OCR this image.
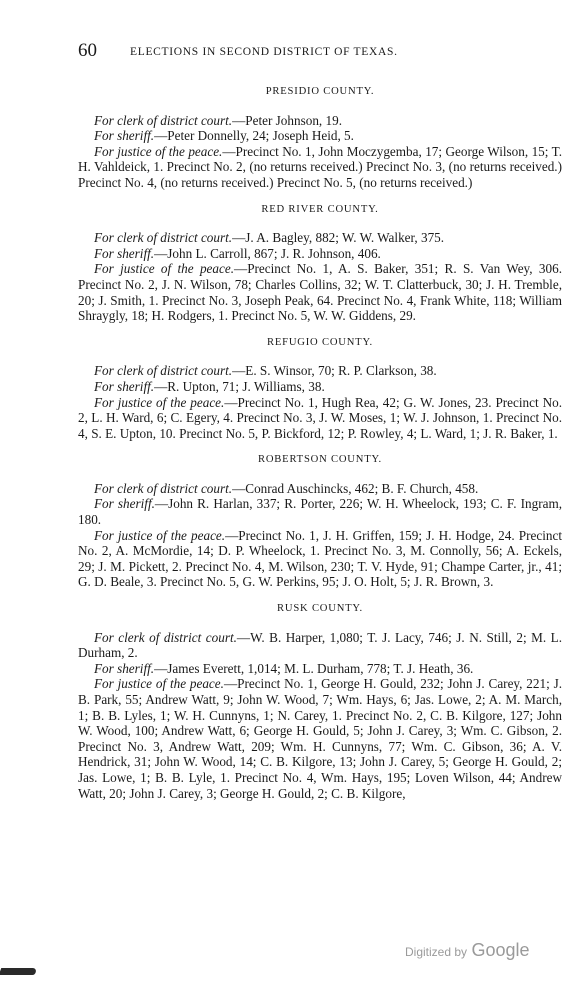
60	ELECTIONS IN SECOND DISTRICT OF TEXAS.
PRESIDIO COUNTY.

For clerk of district court.—Peter Johnson, 19.

For sheriff.—Peter Donnelly, 24; Joseph Heid, 5.

For justice of the peace.—Precinct No. 1, John Moczygemba, 17; George Wilson, 15; T. H. Vahldeick, 1. Precinct No. 2, (no returns received.) Precinct No. 3, (no returns received.) Precinct No. 4, (no returns received.) Precinct No. 5, (no returns received.)

RED RIVER COUNTY.

For clerk of district court.—J. A. Bagley, 882; W. W. Walker, 375.

For sheriff.—John L. Carroll, 867; J. R. Johnson, 406.

For justice of the peace.—Precinct No. 1, A. S. Baker, 351; R. S. Van Wey, 306. Precinct No. 2, J. N. Wilson, 78; Charles Collins, 32; W. T. Clatterbuck, 30; J. H. Tremble, 20; J. Smith, 1. Precinct No. 3, Joseph Peak, 64. Precinct No. 4, Frank White, 118; William Shraygly, 18; H. Rodgers, 1. Precinct No. 5, W. W. Giddens, 29.

REFUGIO COUNTY.

For clerk of district court.—E. S. Winsor, 70; R. P. Clarkson, 38.

For sheriff.—R. Upton, 71; J. Williams, 38.

For justice of the peace.—Precinct No. 1, Hugh Rea, 42; G. W. Jones, 23. Precinct No. 2, L. H. Ward, 6; C. Egery, 4. Precinct No. 3, J. W. Moses, 1; W. J. Johnson, 1. Precinct No. 4, S. E. Upton, 10. Precinct No. 5, P. Bickford, 12; P. Rowley, 4; L. Ward, 1; J. R. Baker, 1.

ROBERTSON COUNTY.

For clerk of district court.—Conrad Auschincks, 462; B. F. Church, 458.

For sheriff.—John R. Harlan, 337; R. Porter, 226; W. H. Wheelock, 193; C. F. Ingram, 180.

For justice of the peace.—Precinct No. 1, J. H. Griffen, 159; J. H. Hodge, 24. Precinct No. 2, A. McMordie, 14; D. P. Wheelock, 1. Precinct No. 3, M. Connolly, 56; A. Eckels, 29; J. M. Pickett, 2. Precinct No. 4, M. Wilson, 230; T. V. Hyde, 91; Champe Carter, jr., 41; G. D. Beale, 3. Precinct No. 5, G. W. Perkins, 95; J. O. Holt, 5; J. R. Brown, 3.

RUSK COUNTY.

For clerk of district court.—W. B. Harper, 1,080; T. J. Lacy, 746; J. N. Still, 2; M. L. Durham, 2.

For sheriff.—James Everett, 1,014; M. L. Durham, 778; T. J. Heath, 36.

For justice of the peace.—Precinct No. 1, George H. Gould, 232; John J. Carey, 221; J. B. Park, 55; Andrew Watt, 9; John W. Wood, 7; Wm. Hays, 6; Jas. Lowe, 2; A. M. March, 1; B. B. Lyles, 1; W. H. Cunnyns, 1; N. Carey, 1. Precinct No. 2, C. B. Kilgore, 127; John W. Wood, 100; Andrew Watt, 6; George H. Gould, 5; John J. Carey, 3; Wm. C. Gibson, 2. Precinct No. 3, Andrew Watt, 209; Wm. H. Cunnyns, 77; Wm. C. Gibson, 36; A. V. Hendrick, 31; John W. Wood, 14; C. B. Kilgore, 13; John J. Carey, 5; George H. Gould, 2; Jas. Lowe, 1; B. B. Lyle, 1. Precinct No. 4, Wm. Hays, 195; Loven Wilson, 44; Andrew Watt, 20; John J. Carey, 3; George H. Gould, 2; C. B. Kilgore,

Digitized by Google
